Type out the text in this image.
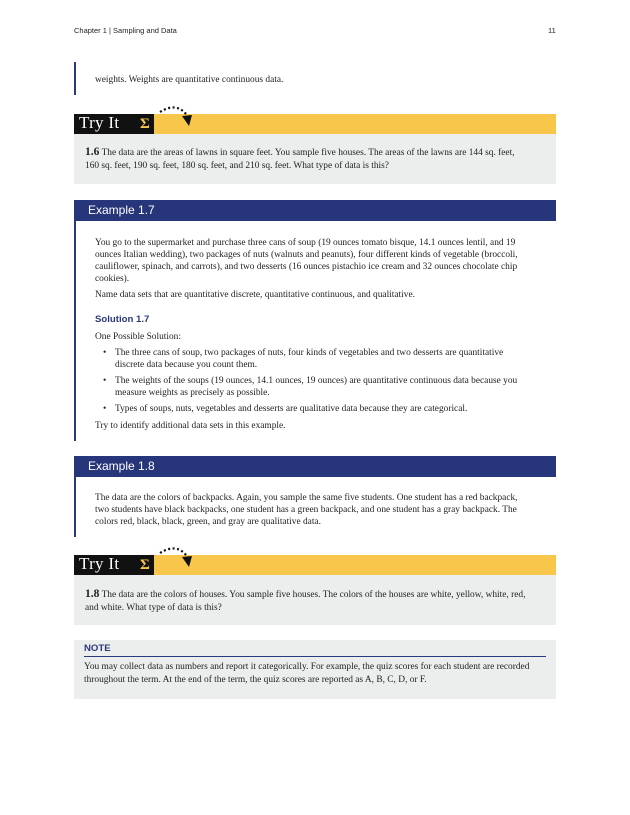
Chapter 1 | Sampling and Data	11
weights. Weights are quantitative continuous data.
Try It Σ
1.6 The data are the areas of lawns in square feet. You sample five houses. The areas of the lawns are 144 sq. feet,
160 sq. feet, 190 sq. feet, 180 sq. feet, and 210 sq. feet. What type of data is this?
Example 1.7
You go to the supermarket and purchase three cans of soup (19 ounces tomato bisque, 14.1 ounces lentil, and 19
ounces Italian wedding), two packages of nuts (walnuts and peanuts), four different kinds of vegetable (broccoli,
cauliflower, spinach, and carrots), and two desserts (16 ounces pistachio ice cream and 32 ounces chocolate chip
cookies).
Name data sets that are quantitative discrete, quantitative continuous, and qualitative.
Solution 1.7
One Possible Solution:
• The three cans of soup, two packages of nuts, four kinds of vegetables and two desserts are quantitative
discrete data because you count them.
• The weights of the soups (19 ounces, 14.1 ounces, 19 ounces) are quantitative continuous data because you
measure weights as precisely as possible.
• Types of soups, nuts, vegetables and desserts are qualitative data because they are categorical.
Try to identify additional data sets in this example.
Example 1.8
The data are the colors of backpacks. Again, you sample the same five students. One student has a red backpack,
two students have black backpacks, one student has a green backpack, and one student has a gray backpack. The
colors red, black, black, green, and gray are qualitative data.
Try It Σ
1.8 The data are the colors of houses. You sample five houses. The colors of the houses are white, yellow, white, red,
and white. What type of data is this?
NOTE
You may collect data as numbers and report it categorically. For example, the quiz scores for each student are recorded
throughout the term. At the end of the term, the quiz scores are reported as A, B, C, D, or F.
